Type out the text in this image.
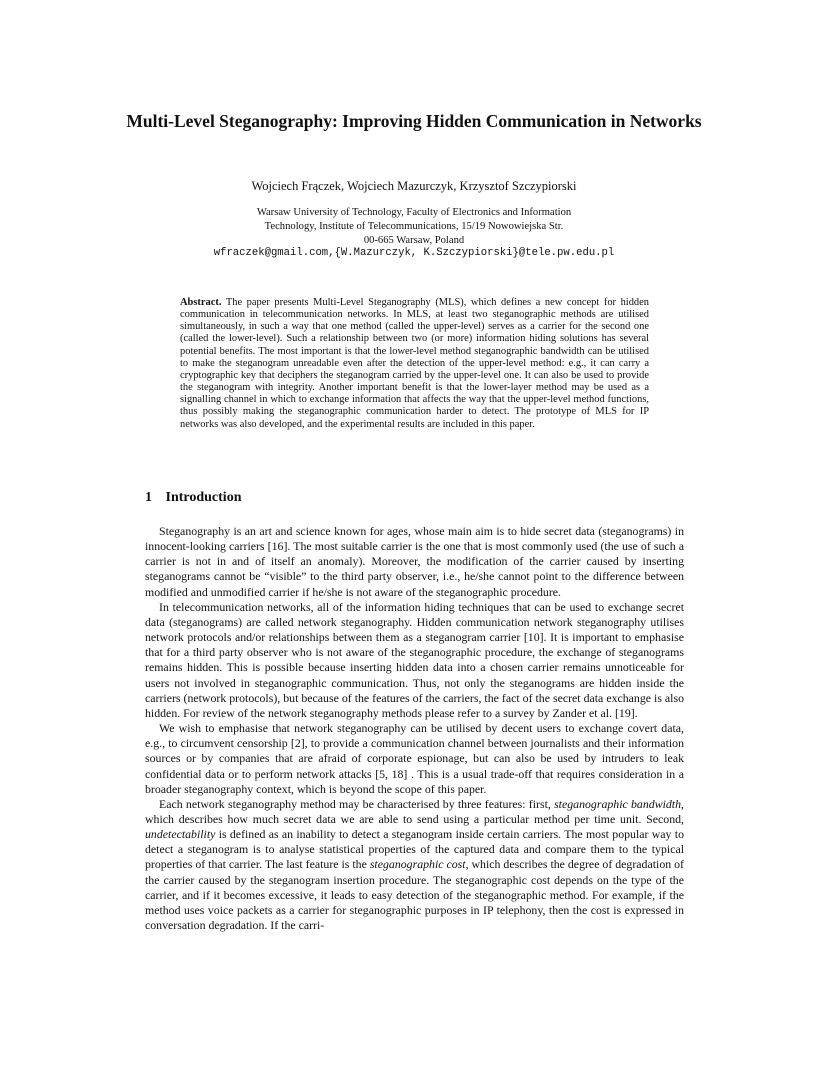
Multi-Level Steganography: Improving Hidden Communication in Networks
Wojciech Frączek, Wojciech Mazurczyk, Krzysztof Szczypiorski
Warsaw University of Technology, Faculty of Electronics and Information
Technology, Institute of Telecommunications, 15/19 Nowowiejska Str.
00-665 Warsaw, Poland
wfraczek@gmail.com,{W.Mazurczyk, K.Szczypiorski}@tele.pw.edu.pl

Abstract. The paper presents Multi-Level Steganography (MLS), which defines a new concept for hidden communication in telecommunication networks. In MLS, at least two steganographic methods are utilised simultaneously, in such a way that one method (called the upper-level) serves as a carrier for the second one (called the lower-level). Such a relationship between two (or more) information hiding solutions has several potential benefits. The most important is that the lower-level method steganographic bandwidth can be utilised to make the steganogram unreadable even after the detection of the upper-level method: e.g., it can carry a cryptographic key that deciphers the steganogram carried by the upper-level one. It can also be used to provide the steganogram with integrity. Another important benefit is that the lower-layer method may be used as a signalling channel in which to exchange information that affects the way that the upper-level method functions, thus possibly making the steganographic communication harder to detect. The prototype of MLS for IP networks was also developed, and the experimental results are included in this paper.

1 Introduction

Steganography is an art and science known for ages, whose main aim is to hide secret data (steganograms) in innocent-looking carriers [16]. The most suitable carrier is the one that is most commonly used (the use of such a carrier is not in and of itself an anomaly). Moreover, the modification of the carrier caused by inserting steganograms cannot be “visible” to the third party observer, i.e., he/she cannot point to the difference between modified and unmodified carrier if he/she is not aware of the steganographic procedure.

In telecommunication networks, all of the information hiding techniques that can be used to exchange secret data (steganograms) are called network steganography. Hidden communication network steganography utilises network protocols and/or relationships between them as a steganogram carrier [10]. It is important to emphasise that for a third party observer who is not aware of the steganographic procedure, the exchange of steganograms remains hidden. This is possible because inserting hidden data into a chosen carrier remains unnoticeable for users not involved in steganographic communication. Thus, not only the steganograms are hidden inside the carriers (network protocols), but because of the features of the carriers, the fact of the secret data exchange is also hidden. For review of the network steganography methods please refer to a survey by Zander et al. [19].

We wish to emphasise that network steganography can be utilised by decent users to exchange covert data, e.g., to circumvent censorship [2], to provide a communication channel between journalists and their information sources or by companies that are afraid of corporate espionage, but can also be used by intruders to leak confidential data or to perform network attacks [5, 18] . This is a usual trade-off that requires consideration in a broader steganography context, which is beyond the scope of this paper.

Each network steganography method may be characterised by three features: first, steganographic bandwidth, which describes how much secret data we are able to send using a particular method per time unit. Second, undetectability is defined as an inability to detect a steganogram inside certain carriers. The most popular way to detect a steganogram is to analyse statistical properties of the captured data and compare them to the typical properties of that carrier. The last feature is the steganographic cost, which describes the degree of degradation of the carrier caused by the steganogram insertion procedure. The steganographic cost depends on the type of the carrier, and if it becomes excessive, it leads to easy detection of the steganographic method. For example, if the method uses voice packets as a carrier for steganographic purposes in IP telephony, then the cost is expressed in conversation degradation. If the carri-
